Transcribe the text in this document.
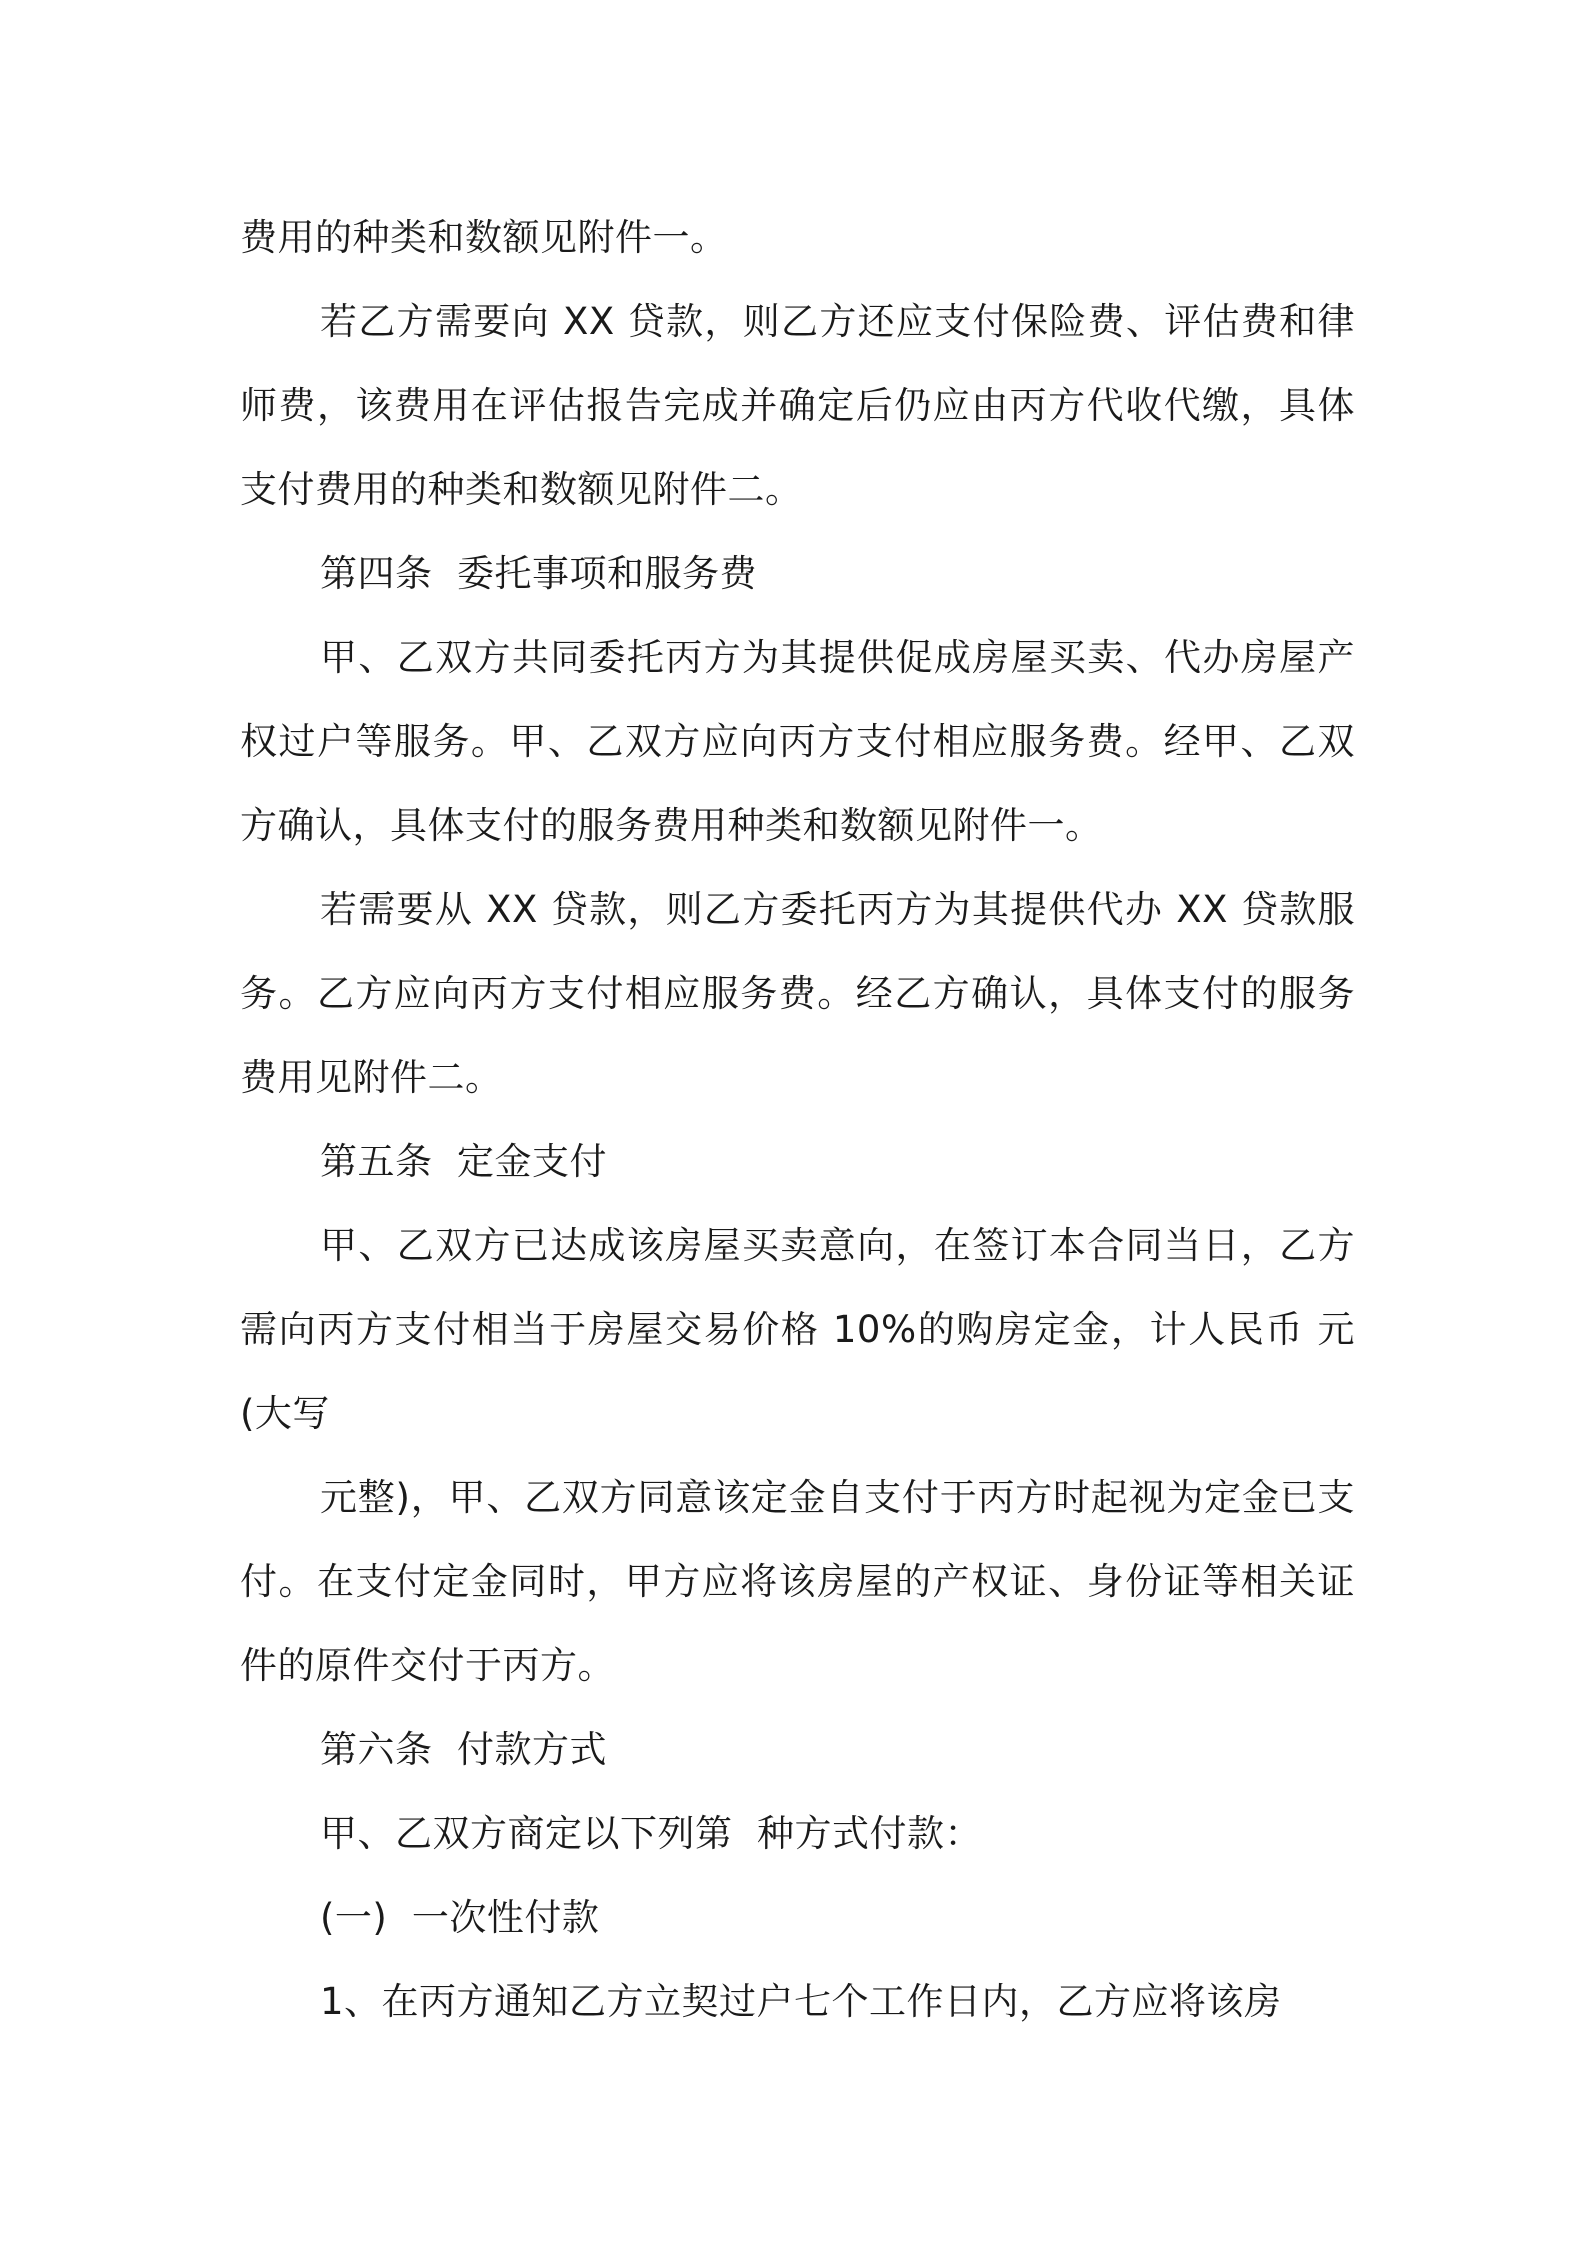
费用的种类和数额见附件一。

若乙方需要向 XX 贷款，则乙方还应支付保险费、评估费和律师费，该费用在评估报告完成并确定后仍应由丙方代收代缴，具体支付费用的种类和数额见附件二。

第四条  委托事项和服务费

甲、乙双方共同委托丙方为其提供促成房屋买卖、代办房屋产权过户等服务。甲、乙双方应向丙方支付相应服务费。经甲、乙双方确认，具体支付的服务费用种类和数额见附件一。

若需要从 XX 贷款，则乙方委托丙方为其提供代办 XX 贷款服务。乙方应向丙方支付相应服务费。经乙方确认，具体支付的服务费用见附件二。

第五条  定金支付

甲、乙双方已达成该房屋买卖意向，在签订本合同当日，乙方需向丙方支付相当于房屋交易价格 10%的购房定金，计人民币 元(大写

元整)，甲、乙双方同意该定金自支付于丙方时起视为定金已支付。在支付定金同时，甲方应将该房屋的产权证、身份证等相关证件的原件交付于丙方。

第六条  付款方式

甲、乙双方商定以下列第  种方式付款：

(一)  一次性付款

1、在丙方通知乙方立契过户七个工作日内，乙方应将该房
